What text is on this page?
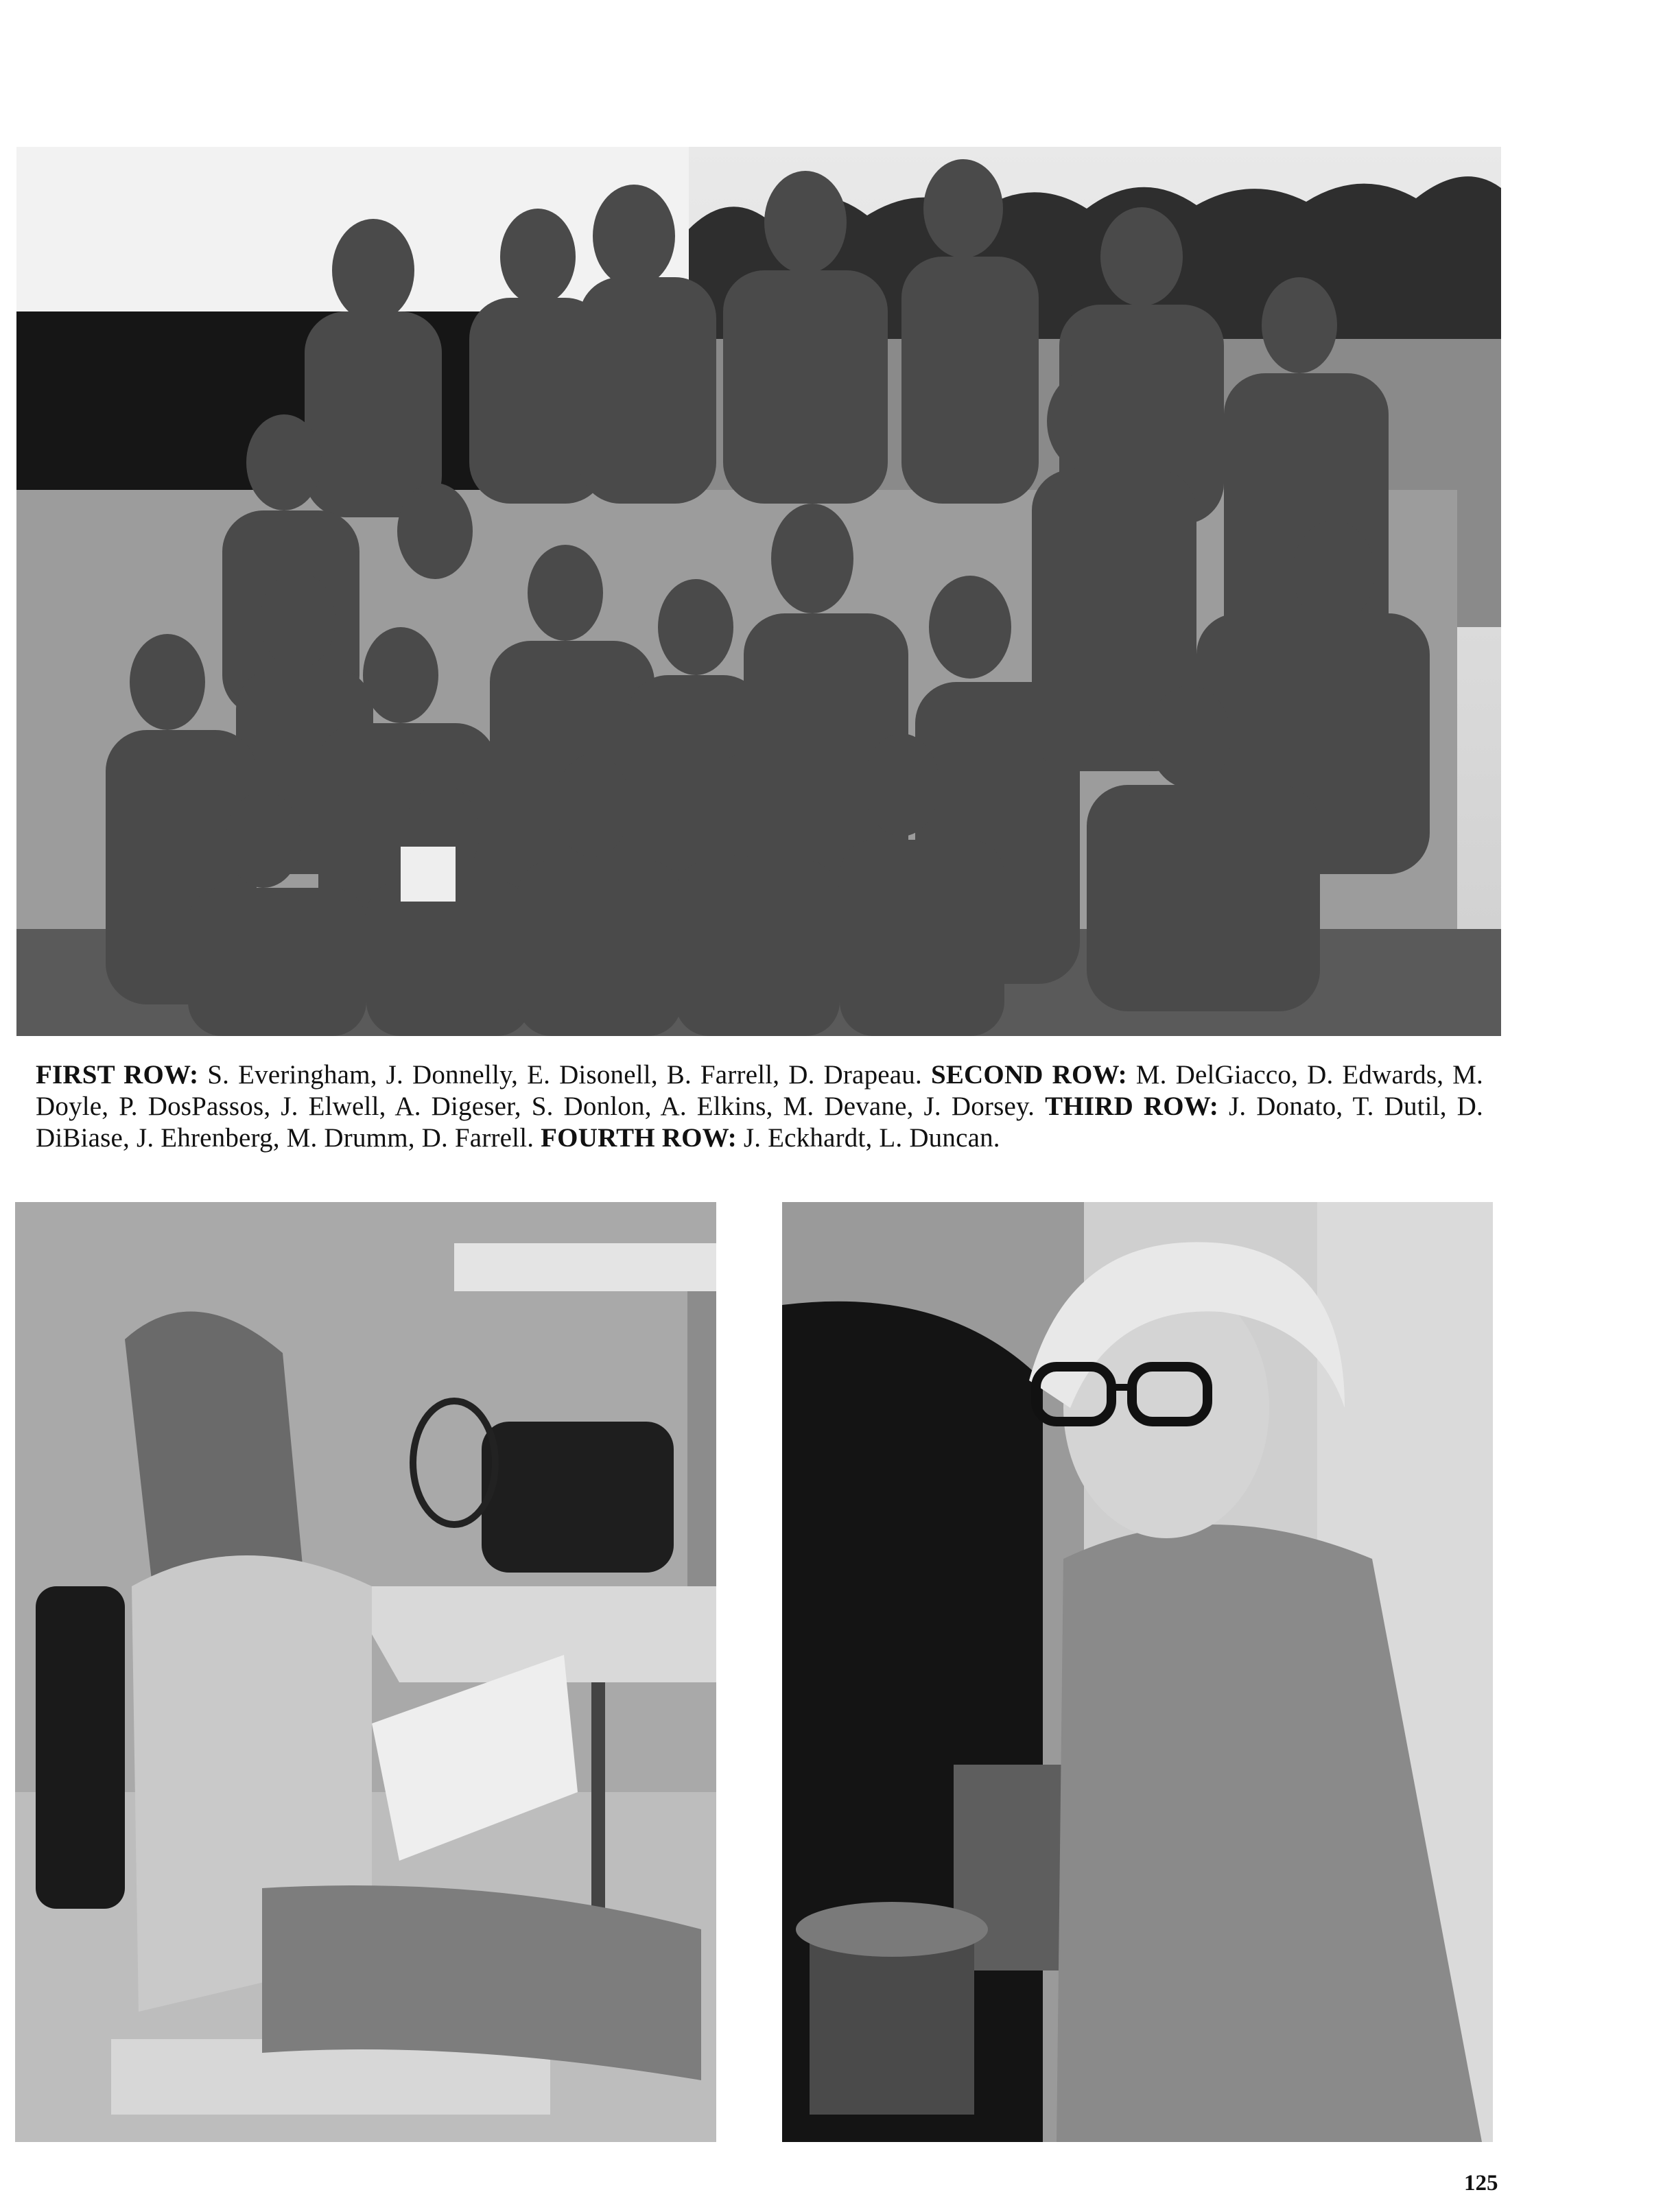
FIRST ROW: S. Everingham, J. Donnelly, E. Disonell, B. Farrell, D. Drapeau. SECOND ROW: M. DelGiacco, D. Edwards, M. Doyle, P. DosPassos, J. Elwell, A. Digeser, S. Donlon, A. Elkins, M. Devane, J. Dorsey. THIRD ROW: J. Donato, T. Dutil, D. DiBiase, J. Ehrenberg, M. Drumm, D. Farrell. FOURTH ROW: J. Eckhardt, L. Duncan.
125
